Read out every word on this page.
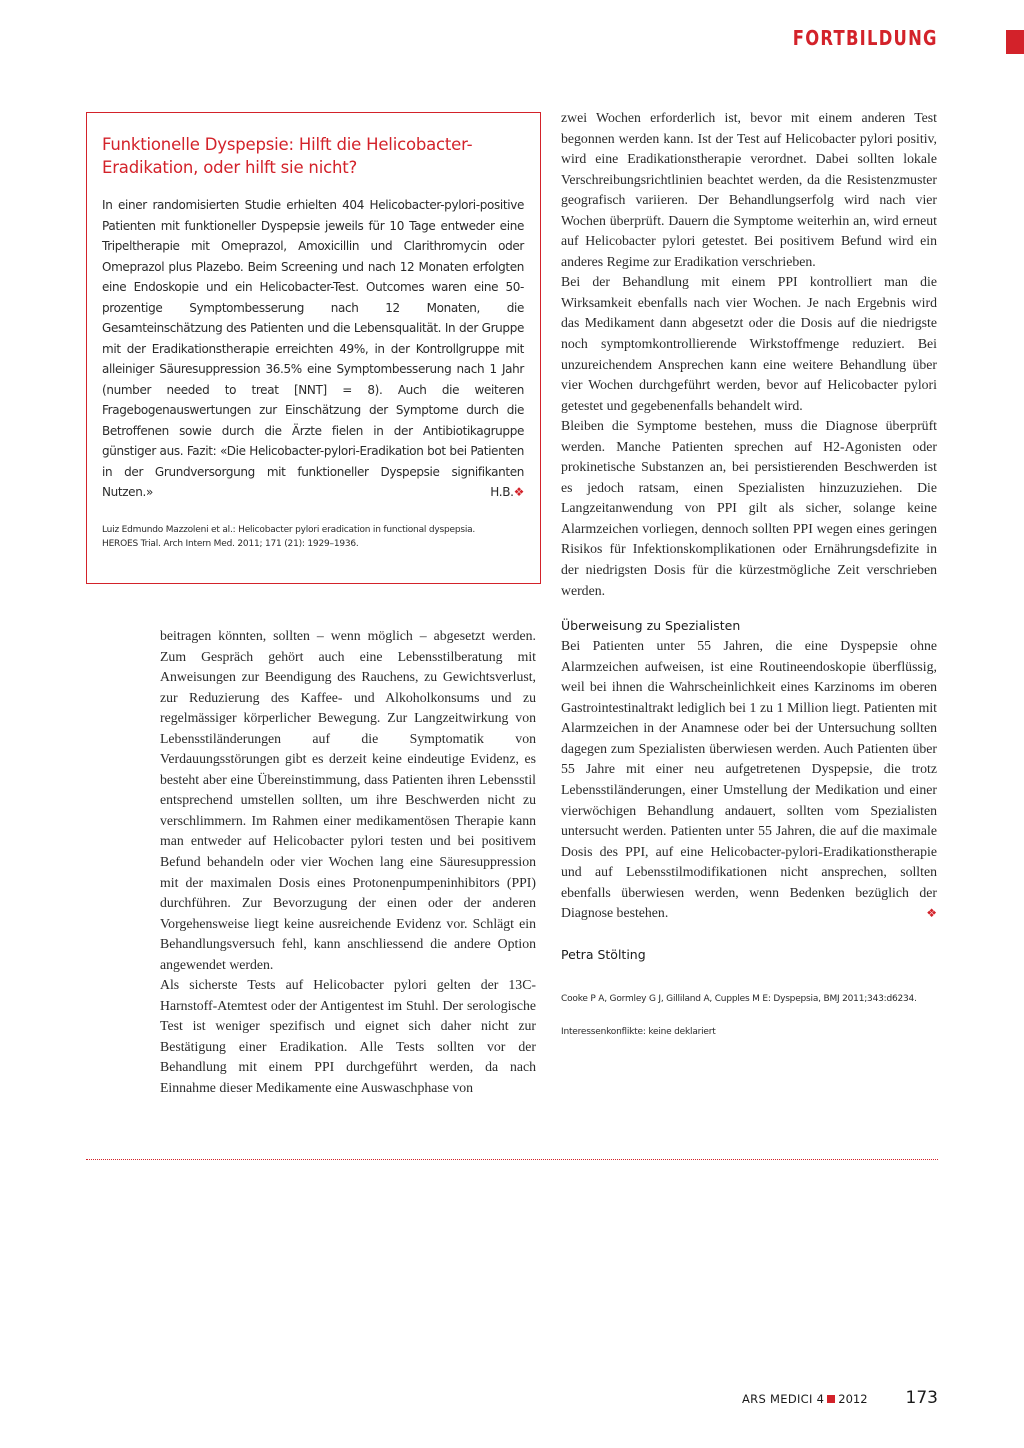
FORTBILDUNG
Funktionelle Dyspepsie: Hilft die Helicobacter-Eradikation, oder hilft sie nicht?
In einer randomisierten Studie erhielten 404 Helicobacter-pylori-positive Patienten mit funktioneller Dyspepsie jeweils für 10 Tage entweder eine Tripeltherapie mit Omeprazol, Amoxicillin und Clarithromycin oder Omeprazol plus Plazebo. Beim Screening und nach 12 Monaten erfolgten eine Endoskopie und ein Helicobacter-Test. Outcomes waren eine 50-prozentige Symptombesserung nach 12 Monaten, die Gesamteinschätzung des Patienten und die Lebensqualität. In der Gruppe mit der Eradikationstherapie erreichten 49%, in der Kontrollgruppe mit alleiniger Säuresuppression 36.5% eine Symptombesserung nach 1 Jahr (number needed to treat [NNT] = 8). Auch die weiteren Fragebogenauswertungen zur Einschätzung der Symptome durch die Betroffenen sowie durch die Ärzte fielen in der Antibiotikagruppe günstiger aus. Fazit: «Die Helicobacter-pylori-Eradikation bot bei Patienten in der Grundversorgung mit funktioneller Dyspepsie signifikanten Nutzen.»	H.B.❖
Luiz Edmundo Mazzoleni et al.: Helicobacter pylori eradication in functional dyspepsia.
HEROES Trial. Arch Intern Med. 2011; 171 (21): 1929–1936.

beitragen könnten, sollten – wenn möglich – abgesetzt werden. Zum Gespräch gehört auch eine Lebensstilberatung mit Anweisungen zur Beendigung des Rauchens, zu Gewichtsverlust, zur Reduzierung des Kaffee- und Alkoholkonsums und zu regelmässiger körperlicher Bewegung. Zur Langzeitwirkung von Lebensstiländerungen auf die Symptomatik von Verdauungsstörungen gibt es derzeit keine eindeutige Evidenz, es besteht aber eine Übereinstimmung, dass Patienten ihren Lebensstil entsprechend umstellen sollten, um ihre Beschwerden nicht zu verschlimmern. Im Rahmen einer medikamentösen Therapie kann man entweder auf Helicobacter pylori testen und bei positivem Befund behandeln oder vier Wochen lang eine Säuresuppression mit der maximalen Dosis eines Protonenpumpeninhibitors (PPI) durchführen. Zur Bevorzugung der einen oder der anderen Vorgehensweise liegt keine ausreichende Evidenz vor. Schlägt ein Behandlungsversuch fehl, kann anschliessend die andere Option angewendet werden.

Als sicherste Tests auf Helicobacter pylori gelten der 13C-Harnstoff-Atemtest oder der Antigentest im Stuhl. Der serologische Test ist weniger spezifisch und eignet sich daher nicht zur Bestätigung einer Eradikation. Alle Tests sollten vor der Behandlung mit einem PPI durchgeführt werden, da nach Einnahme dieser Medikamente eine Auswaschphase von

zwei Wochen erforderlich ist, bevor mit einem anderen Test begonnen werden kann. Ist der Test auf Helicobacter pylori positiv, wird eine Eradikationstherapie verordnet. Dabei sollten lokale Verschreibungsrichtlinien beachtet werden, da die Resistenzmuster geografisch variieren. Der Behandlungserfolg wird nach vier Wochen überprüft. Dauern die Symptome weiterhin an, wird erneut auf Helicobacter pylori getestet. Bei positivem Befund wird ein anderes Regime zur Eradikation verschrieben.

Bei der Behandlung mit einem PPI kontrolliert man die Wirksamkeit ebenfalls nach vier Wochen. Je nach Ergebnis wird das Medikament dann abgesetzt oder die Dosis auf die niedrigste noch symptomkontrollierende Wirkstoffmenge reduziert. Bei unzureichendem Ansprechen kann eine weitere Behandlung über vier Wochen durchgeführt werden, bevor auf Helicobacter pylori getestet und gegebenenfalls behandelt wird.

Bleiben die Symptome bestehen, muss die Diagnose überprüft werden. Manche Patienten sprechen auf H2-Agonisten oder prokinetische Substanzen an, bei persistierenden Beschwerden ist es jedoch ratsam, einen Spezialisten hinzuzuziehen. Die Langzeitanwendung von PPI gilt als sicher, solange keine Alarmzeichen vorliegen, dennoch sollten PPI wegen eines geringen Risikos für Infektionskomplikationen oder Ernährungsdefizite in der niedrigsten Dosis für die kürzestmögliche Zeit verschrieben werden.

Überweisung zu Spezialisten

Bei Patienten unter 55 Jahren, die eine Dyspepsie ohne Alarmzeichen aufweisen, ist eine Routineendoskopie überflüssig, weil bei ihnen die Wahrscheinlichkeit eines Karzinoms im oberen Gastrointestinaltrakt lediglich bei 1 zu 1 Million liegt. Patienten mit Alarmzeichen in der Anamnese oder bei der Untersuchung sollten dagegen zum Spezialisten überwiesen werden. Auch Patienten über 55 Jahre mit einer neu aufgetretenen Dyspepsie, die trotz Lebensstiländerungen, einer Umstellung der Medikation und einer vierwöchigen Behandlung andauert, sollten vom Spezialisten untersucht werden. Patienten unter 55 Jahren, die auf die maximale Dosis des PPI, auf eine Helicobacter-pylori-Eradikationstherapie und auf Lebensstilmodifikationen nicht ansprechen, sollten ebenfalls überwiesen werden, wenn Bedenken bezüglich der Diagnose bestehen.	❖

Petra Stölting
Cooke P A, Gormley G J, Gilliland A, Cupples M E: Dyspepsia, BMJ 2011;343:d6234.
Interessenkonflikte: keine deklariert
ARS MEDICI 4 2012 173
